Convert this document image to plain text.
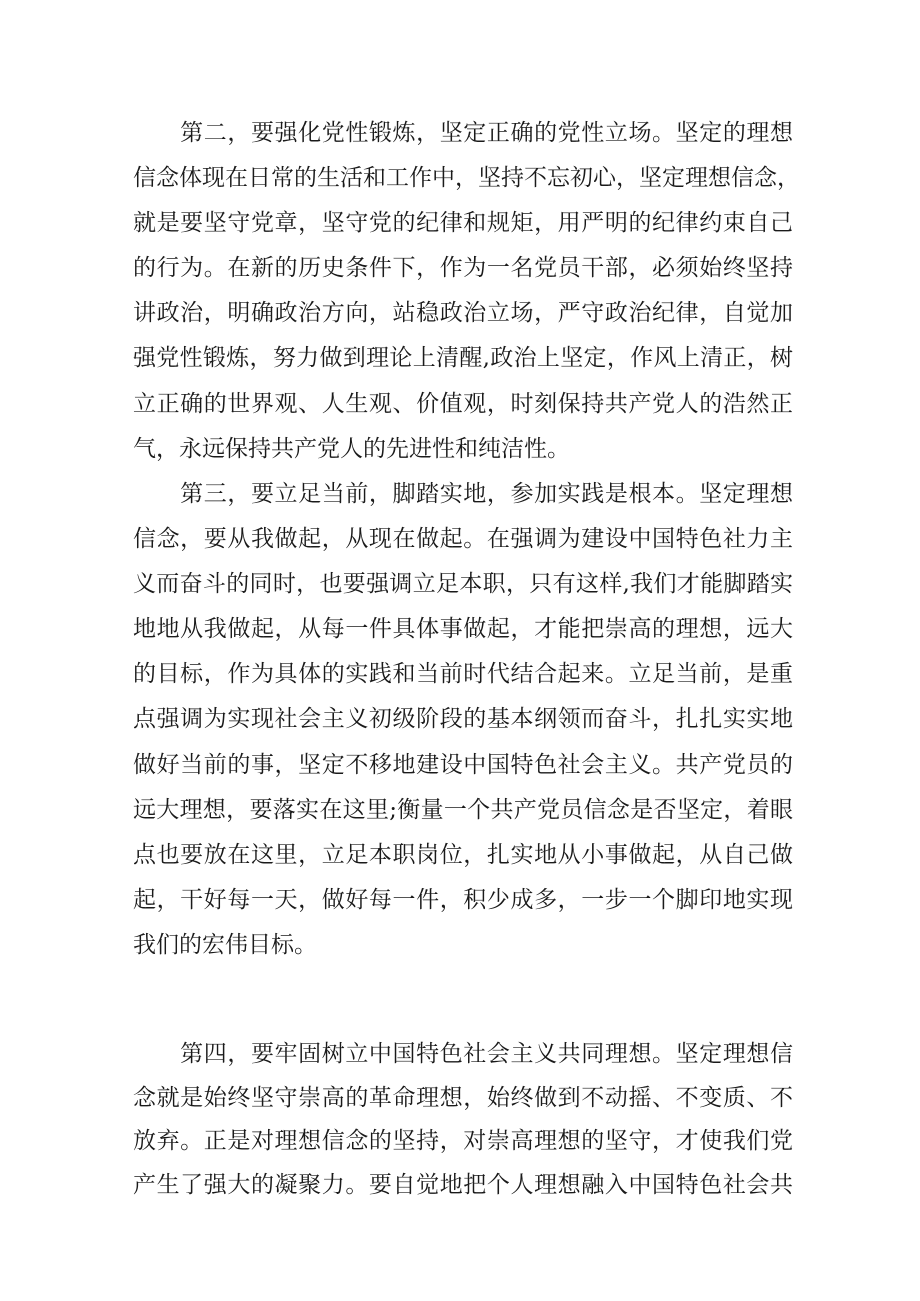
　　第二，要强化党性锻炼，坚定正确的党性立场。坚定的理想
信念体现在日常的生活和工作中，坚持不忘初心，坚定理想信念，
就是要坚守党章，坚守党的纪律和规矩，用严明的纪律约束自己
的行为。在新的历史条件下，作为一名党员干部，必须始终坚持
讲政治，明确政治方向，站稳政治立场，严守政治纪律，自觉加
强党性锻炼，努力做到理论上清醒,政治上坚定，作风上清正，树
立正确的世界观、人生观、价值观，时刻保持共产党人的浩然正
气，永远保持共产党人的先进性和纯洁性。

　　第三，要立足当前，脚踏实地，参加实践是根本。坚定理想
信念，要从我做起，从现在做起。在强调为建设中国特色社力主
义而奋斗的同时，也要强调立足本职，只有这样,我们才能脚踏实
地地从我做起，从每一件具体事做起，才能把崇高的理想，远大
的目标，作为具体的实践和当前时代结合起来。立足当前，是重
点强调为实现社会主义初级阶段的基本纲领而奋斗，扎扎实实地
做好当前的事，坚定不移地建设中国特色社会主义。共产党员的
远大理想，要落实在这里;衡量一个共产党员信念是否坚定，着眼
点也要放在这里，立足本职岗位，扎实地从小事做起，从自己做
起，干好每一天，做好每一件，积少成多，一步一个脚印地实现
我们的宏伟目标。

　　第四，要牢固树立中国特色社会主义共同理想。坚定理想信
念就是始终坚守崇高的革命理想，始终做到不动摇、不变质、不
放弃。正是对理想信念的坚持，对崇高理想的坚守，才使我们党
产生了强大的凝聚力。要自觉地把个人理想融入中国特色社会共
